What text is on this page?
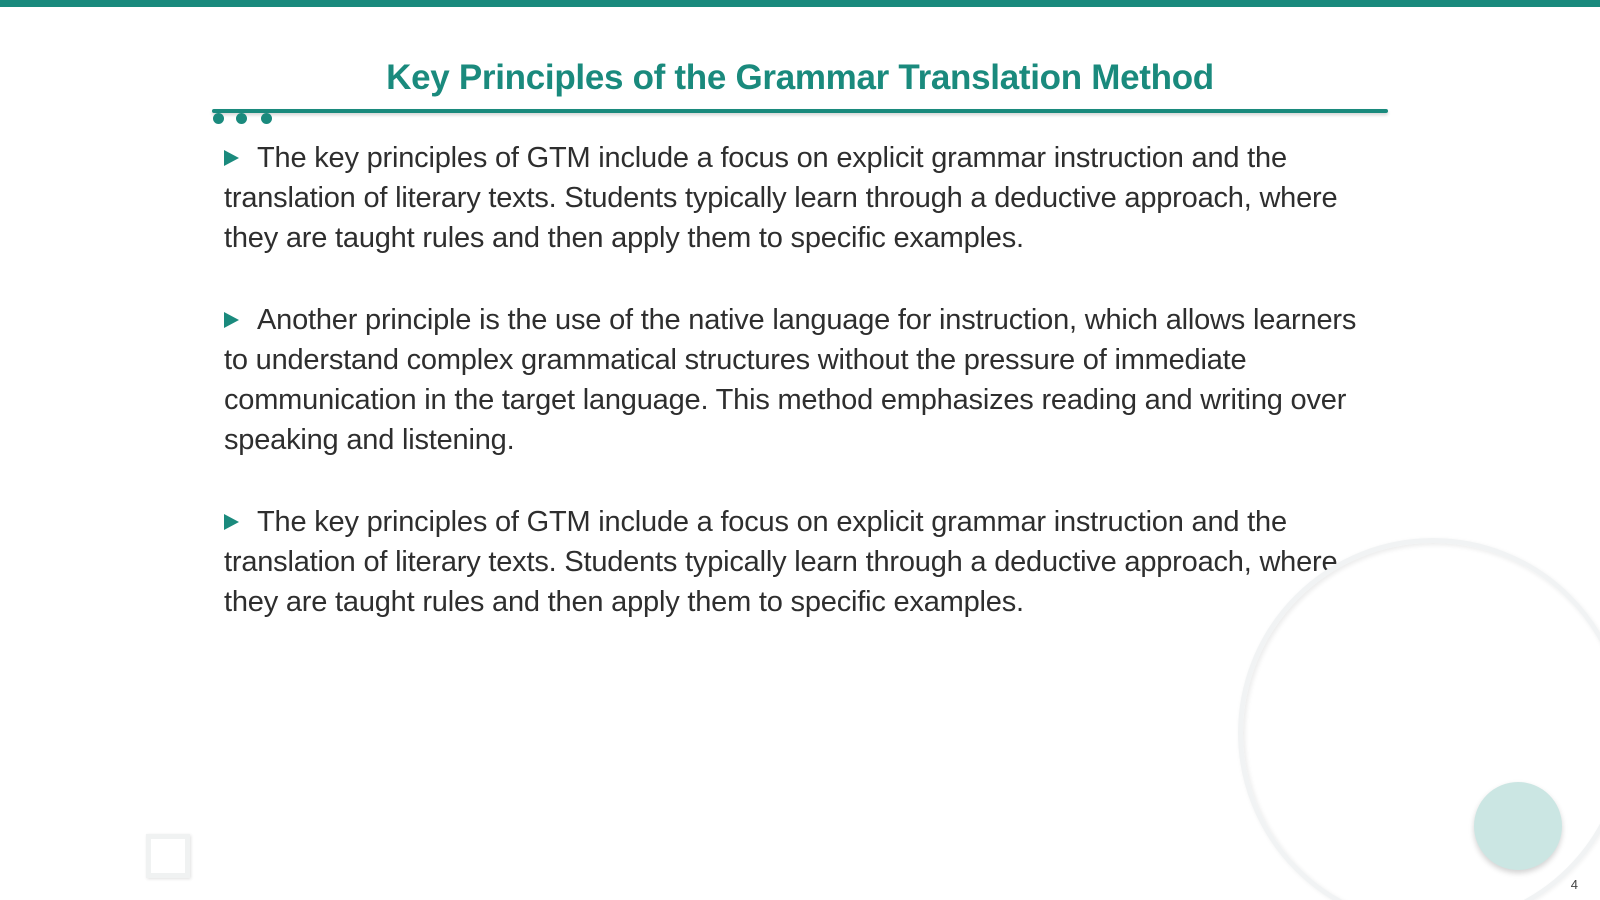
Key Principles of the Grammar Translation Method

The key principles of GTM include a focus on explicit grammar instruction and the translation of literary texts. Students typically learn through a deductive approach, where they are taught rules and then apply them to specific examples.

Another principle is the use of the native language for instruction, which allows learners to understand complex grammatical structures without the pressure of immediate communication in the target language. This method emphasizes reading and writing over speaking and listening.

The key principles of GTM include a focus on explicit grammar instruction and the translation of literary texts. Students typically learn through a deductive approach, where they are taught rules and then apply them to specific examples.

4
